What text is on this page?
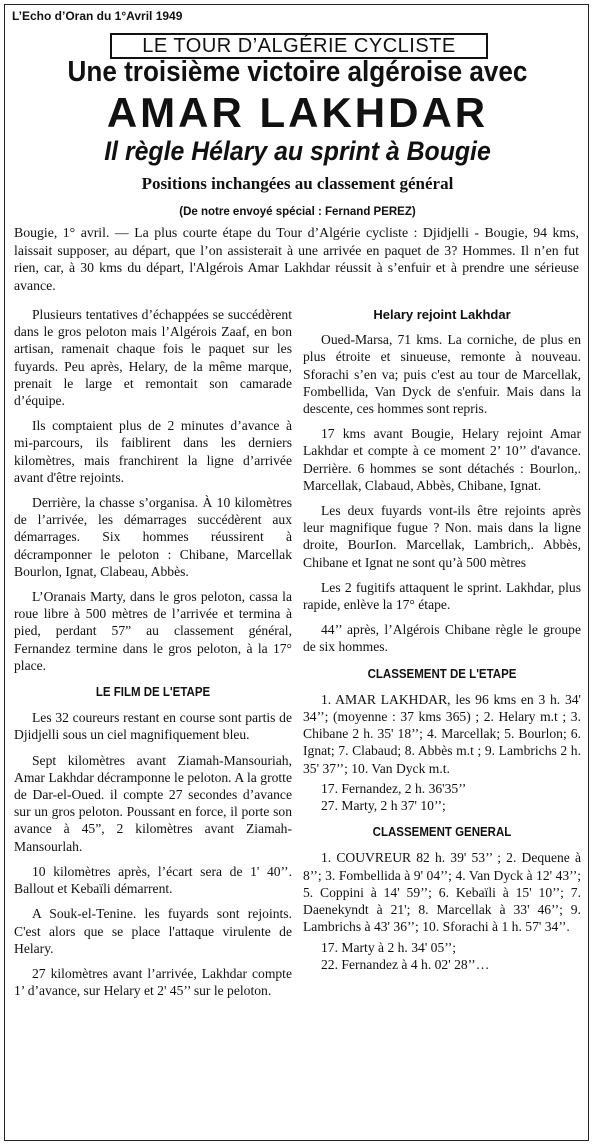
L’Echo d’Oran du 1°Avril 1949
LE TOUR D’ALGÉRIE CYCLISTE
Une troisième victoire algéroise avec
AMAR LAKHDAR
Il règle Hélary au sprint à Bougie
Positions inchangées au classement général
(De notre envoyé spécial : Fernand PEREZ)
Bougie, 1° avril. — La plus courte étape du Tour d’Algérie cycliste : Djidjelli - Bougie, 94 kms, laissait supposer, au départ, que l’on assisterait à une arrivée en paquet de 3? Hommes. Il n’en fut rien, car, à 30 kms du départ, l'Algérois Amar Lakhdar réussit à s’enfuir et à prendre une sérieuse avance.

Plusieurs tentatives d’échappées se succédèrent dans le gros peloton mais l’Algérois Zaaf, en bon artisan, ramenait chaque fois le paquet sur les fuyards. Peu après, Helary, de la même marque, prenait le large et remontait son camarade d’équipe.

Ils comptaient plus de 2 minutes d’avance à mi-parcours, ils faiblirent dans les derniers kilomètres, mais franchirent la ligne d’arrivée avant d'être rejoints.

Derrière, la chasse s’organisa. À 10 kilomètres de l’arrivée, les démarrages succédèrent aux démarrages. Six hommes réussirent à décramponner le peloton : Chibane, Marcellak Bourlon, Ignat, Clabeau, Abbès.

L’Oranais Marty, dans le gros peloton, cassa la roue libre à 500 mètres de l’arrivée et termina à pied, perdant 57” au classement général, Fernandez termine dans le gros peloton, à la 17° place.

LE FILM DE L'ETAPE

Les 32 coureurs restant en course sont partis de Djidjelli sous un ciel magnifiquement bleu.

Sept kilomètres avant Ziamah-Mansouriah, Amar Lakhdar décramponne le peloton. A la grotte de Dar-el-Oued. il compte 27 secondes d’avance sur un gros peloton. Poussant en force, il porte son avance à 45”, 2 kilomètres avant Ziamah-Mansourlah.

10 kilomètres après, l’écart sera de 1' 40’’. Ballout et Kebaïli démarrent.

A Souk-el-Tenine. les fuyards sont rejoints. C'est alors que se place l'attaque virulente de Helary.

27 kilomètres avant l’arrivée, Lakhdar compte 1’ d’avance, sur Helary et 2' 45’’ sur le peloton.

Helary rejoint Lakhdar

Oued-Marsa, 71 kms. La corniche, de plus en plus étroite et sinueuse, remonte à nouveau. Sforachi s’en va; puis c'est au tour de Marcellak, Fombellida, Van Dyck de s'enfuir. Mais dans la descente, ces hommes sont repris.

17 kms avant Bougie, Helary rejoint Amar Lakhdar et compte à ce moment 2’ 10’’ d'avance. Derrière. 6 hommes se sont détachés : Bourlon,. Marcellak, Clabaud, Abbès, Chibane, Ignat.

Les deux fuyards vont-ils être rejoints après leur magnifique fugue ? Non. mais dans la ligne droite, BourIon. Marcellak, Lambrich,. Abbès, Chibane et Ignat ne sont qu’à 500 mètres

Les 2 fugitifs attaquent le sprint. Lakhdar, plus rapide, enlève la 17° étape.

44’’ après, l’Algérois Chibane règle le groupe de six hommes.

CLASSEMENT DE L'ETAPE

1. AMAR LAKHDAR, les 96 kms en 3 h. 34' 34’’; (moyenne : 37 kms 365) ; 2. Helary m.t ; 3. Chibane 2 h. 35' 18’’; 4. Marcellak; 5. Bourlon; 6. Ignat; 7. Clabaud; 8. Abbès m.t ; 9. Lambrichs 2 h. 35' 37’’; 10. Van Dyck m.t.

17. Fernandez, 2 h. 36'35’’

27. Marty, 2 h 37' 10’’;

CLASSEMENT GENERAL

1. COUVREUR 82 h. 39' 53’’ ; 2. Dequene à 8’’; 3. Fombellida à 9' 04’’; 4. Van Dyck à 12' 43’’; 5. Coppini à 14' 59’’; 6. Kebaïli à 15' 10’’; 7. Daenekyndt à 21'; 8. Marcellak à 33' 46’’; 9. Lambrichs à 43' 36’’; 10. Sforachi à 1 h. 57' 34’’.

17. Marty à 2 h. 34' 05’’;

22. Fernandez à 4 h. 02' 28’’…
